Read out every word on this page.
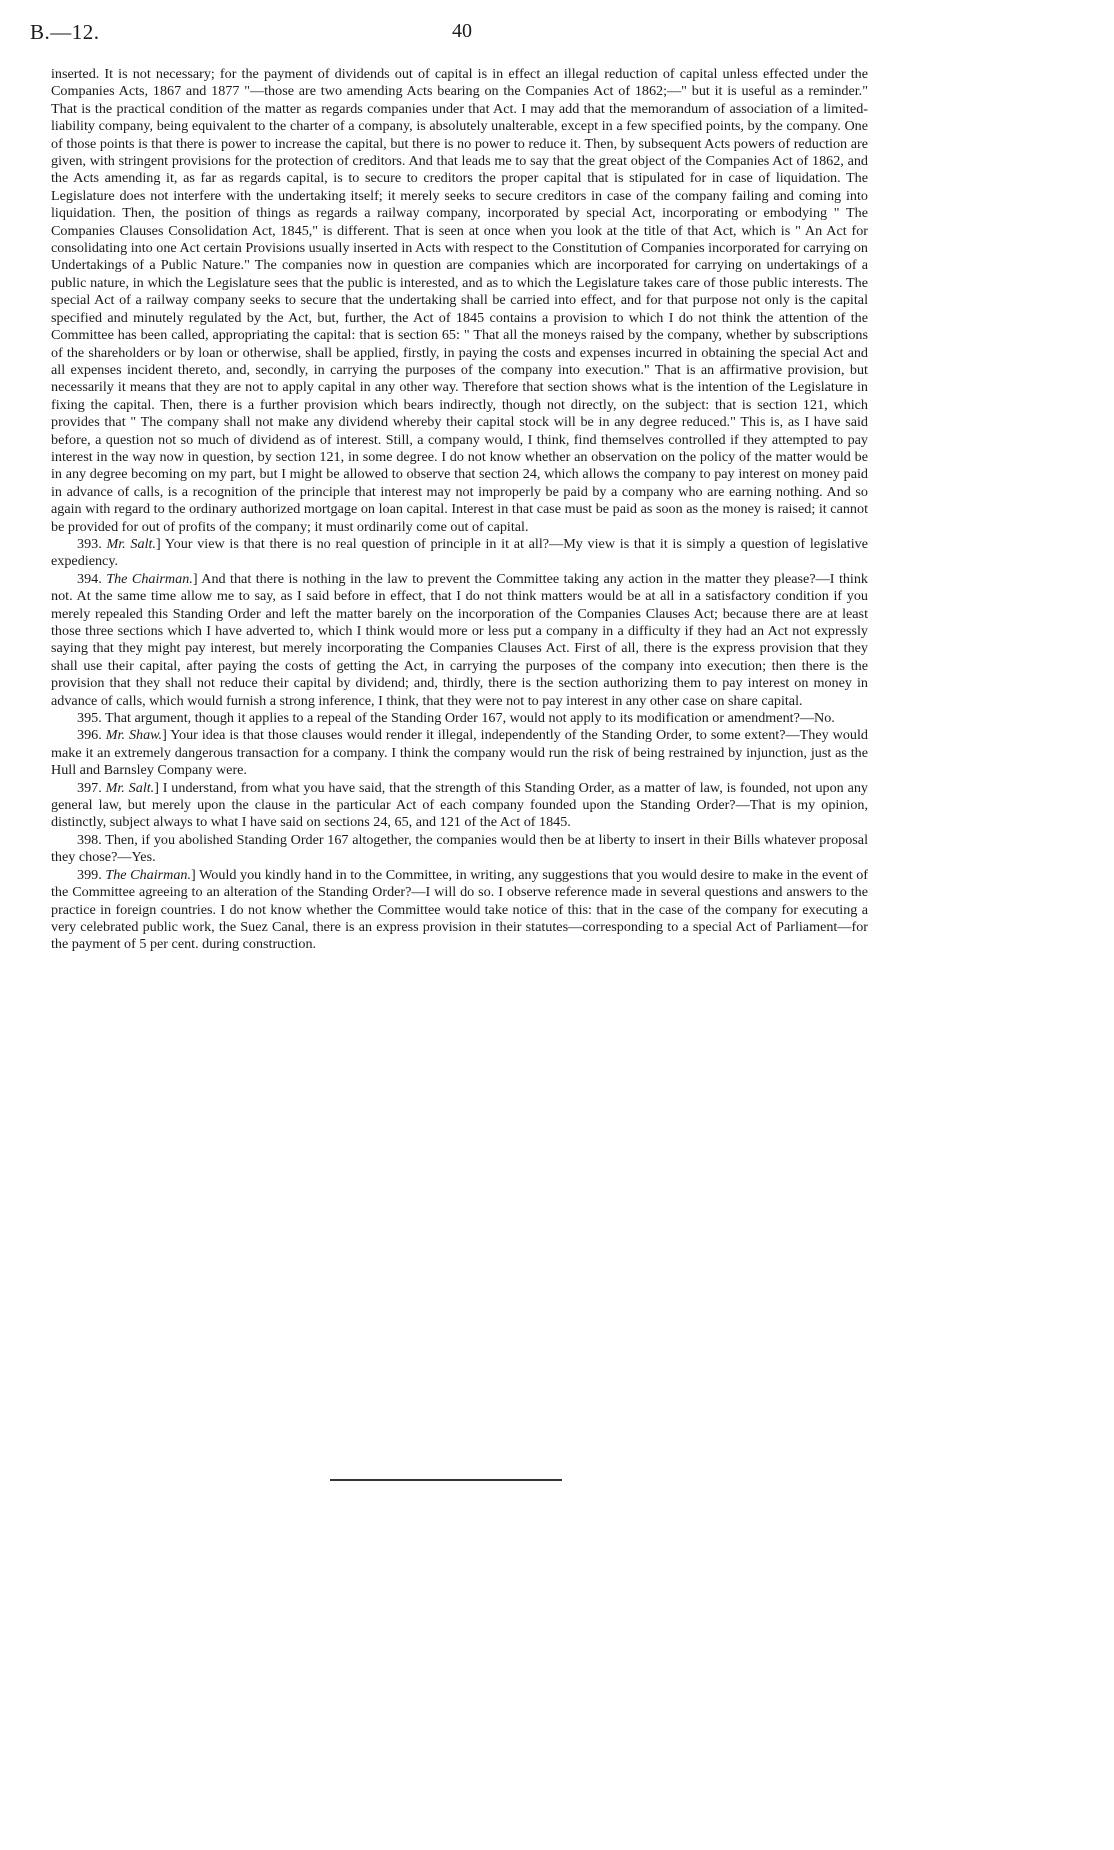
B.—12.	40

inserted. It is not necessary; for the payment of dividends out of capital is in effect an illegal reduction of capital unless effected under the Companies Acts, 1867 and 1877 "—those are two amending Acts bearing on the Companies Act of 1862;—" but it is useful as a reminder." That is the practical condition of the matter as regards companies under that Act. I may add that the memorandum of association of a limited-liability company, being equivalent to the charter of a company, is absolutely unalterable, except in a few specified points, by the company. One of those points is that there is power to increase the capital, but there is no power to reduce it. Then, by subsequent Acts powers of reduction are given, with stringent provisions for the protection of creditors. And that leads me to say that the great object of the Companies Act of 1862, and the Acts amending it, as far as regards capital, is to secure to creditors the proper capital that is stipulated for in case of liquidation. The Legislature does not interfere with the undertaking itself; it merely seeks to secure creditors in case of the company failing and coming into liquidation. Then, the position of things as regards a railway company, incorporated by special Act, incorporating or embodying " The Companies Clauses Consolidation Act, 1845," is different. That is seen at once when you look at the title of that Act, which is " An Act for consolidating into one Act certain Provisions usually inserted in Acts with respect to the Constitution of Companies incorporated for carrying on Undertakings of a Public Nature." The companies now in question are companies which are incorporated for carrying on undertakings of a public nature, in which the Legislature sees that the public is interested, and as to which the Legislature takes care of those public interests. The special Act of a railway company seeks to secure that the undertaking shall be carried into effect, and for that purpose not only is the capital specified and minutely regulated by the Act, but, further, the Act of 1845 contains a provision to which I do not think the attention of the Committee has been called, appropriating the capital: that is section 65: " That all the moneys raised by the company, whether by subscriptions of the shareholders or by loan or otherwise, shall be applied, firstly, in paying the costs and expenses incurred in obtaining the special Act and all expenses incident thereto, and, secondly, in carrying the purposes of the company into execution." That is an affirmative provision, but necessarily it means that they are not to apply capital in any other way. Therefore that section shows what is the intention of the Legislature in fixing the capital. Then, there is a further provision which bears indirectly, though not directly, on the subject: that is section 121, which provides that " The company shall not make any dividend whereby their capital stock will be in any degree reduced." This is, as I have said before, a question not so much of dividend as of interest. Still, a company would, I think, find themselves controlled if they attempted to pay interest in the way now in question, by section 121, in some degree. I do not know whether an observation on the policy of the matter would be in any degree becoming on my part, but I might be allowed to observe that section 24, which allows the company to pay interest on money paid in advance of calls, is a recognition of the principle that interest may not improperly be paid by a company who are earning nothing. And so again with regard to the ordinary authorized mortgage on loan capital. Interest in that case must be paid as soon as the money is raised; it cannot be provided for out of profits of the company; it must ordinarily come out of capital.

393. Mr. Salt.] Your view is that there is no real question of principle in it at all?—My view is that it is simply a question of legislative expediency.

394. The Chairman.] And that there is nothing in the law to prevent the Committee taking any action in the matter they please?—I think not. At the same time allow me to say, as I said before in effect, that I do not think matters would be at all in a satisfactory condition if you merely repealed this Standing Order and left the matter barely on the incorporation of the Companies Clauses Act; because there are at least those three sections which I have adverted to, which I think would more or less put a company in a difficulty if they had an Act not expressly saying that they might pay interest, but merely incorporating the Companies Clauses Act. First of all, there is the express provision that they shall use their capital, after paying the costs of getting the Act, in carrying the purposes of the company into execution; then there is the provision that they shall not reduce their capital by dividend; and, thirdly, there is the section authorizing them to pay interest on money in advance of calls, which would furnish a strong inference, I think, that they were not to pay interest in any other case on share capital.

395. That argument, though it applies to a repeal of the Standing Order 167, would not apply to its modification or amendment?—No.

396. Mr. Shaw.] Your idea is that those clauses would render it illegal, independently of the Standing Order, to some extent?—They would make it an extremely dangerous transaction for a company. I think the company would run the risk of being restrained by injunction, just as the Hull and Barnsley Company were.

397. Mr. Salt.] I understand, from what you have said, that the strength of this Standing Order, as a matter of law, is founded, not upon any general law, but merely upon the clause in the particular Act of each company founded upon the Standing Order?—That is my opinion, distinctly, subject always to what I have said on sections 24, 65, and 121 of the Act of 1845.

398. Then, if you abolished Standing Order 167 altogether, the companies would then be at liberty to insert in their Bills whatever proposal they chose?—Yes.

399. The Chairman.] Would you kindly hand in to the Committee, in writing, any suggestions that you would desire to make in the event of the Committee agreeing to an alteration of the Standing Order?—I will do so. I observe reference made in several questions and answers to the practice in foreign countries. I do not know whether the Committee would take notice of this: that in the case of the company for executing a very celebrated public work, the Suez Canal, there is an express provision in their statutes—corresponding to a special Act of Parliament—for the payment of 5 per cent. during construction.
